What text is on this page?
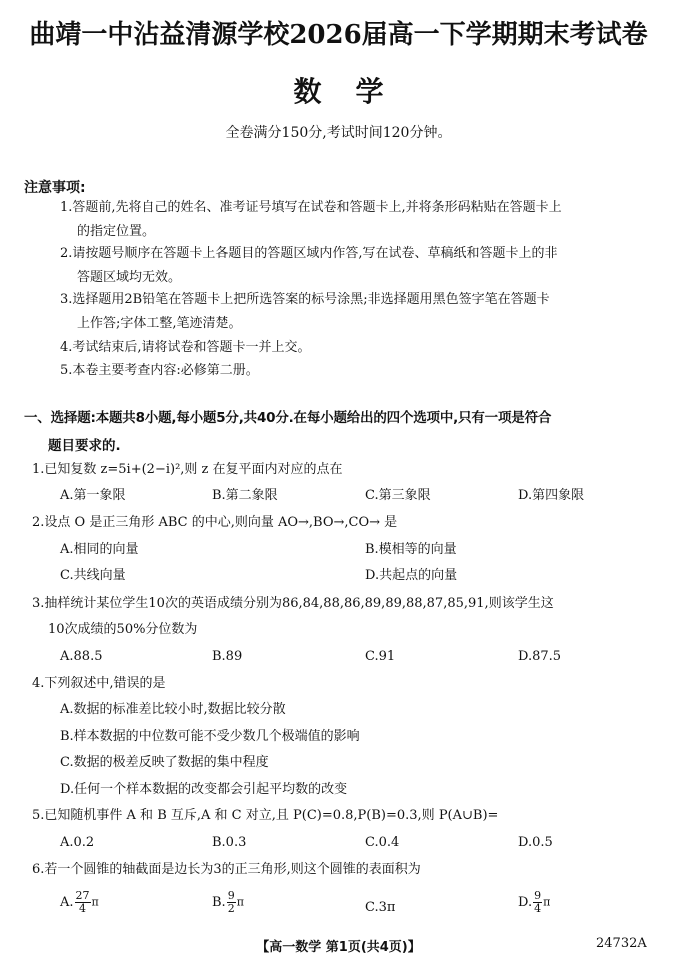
曲靖一中沾益清源学校2026届高一下学期期末考试卷
数学
全卷满分150分,考试时间120分钟。
注意事项:
1.答题前,先将自己的姓名、准考证号填写在试卷和答题卡上,并将条形码粘贴在答题卡上
的指定位置。
2.请按题号顺序在答题卡上各题目的答题区域内作答,写在试卷、草稿纸和答题卡上的非
答题区域均无效。
3.选择题用2B铅笔在答题卡上把所选答案的标号涂黑;非选择题用黑色签字笔在答题卡
上作答;字体工整,笔迹清楚。
4.考试结束后,请将试卷和答题卡一并上交。
5.本卷主要考查内容:必修第二册。
一、选择题:本题共8小题,每小题5分,共40分.在每小题给出的四个选项中,只有一项是符合
题目要求的.
1.已知复数 z=5i+(2−i)²,则 z 在复平面内对应的点在
A.第一象限	B.第二象限	C.第三象限	D.第四象限
2.设点 O 是正三角形 ABC 的中心,则向量 AO→,BO→,CO→ 是
A.相同的向量	B.模相等的向量
C.共线向量	D.共起点的向量
3.抽样统计某位学生10次的英语成绩分别为86,84,88,86,89,89,88,87,85,91,则该学生这
10次成绩的50%分位数为
A.88.5	B.89	C.91	D.87.5
4.下列叙述中,错误的是
A.数据的标准差比较小时,数据比较分散
B.样本数据的中位数可能不受少数几个极端值的影响
C.数据的极差反映了数据的集中程度
D.任何一个样本数据的改变都会引起平均数的改变
5.已知随机事件 A 和 B 互斥,A 和 C 对立,且 P(C)=0.8,P(B)=0.3,则 P(A∪B)=
A.0.2	B.0.3	C.0.4	D.0.5
6.若一个圆锥的轴截面是边长为3的正三角形,则这个圆锥的表面积为
A. $\frac{27}{4}$ π	B. $\frac{9}{2}$ π	C.3π	D. $\frac{9}{4}$ π
【高一数学 第1页(共4页)】	24732A
